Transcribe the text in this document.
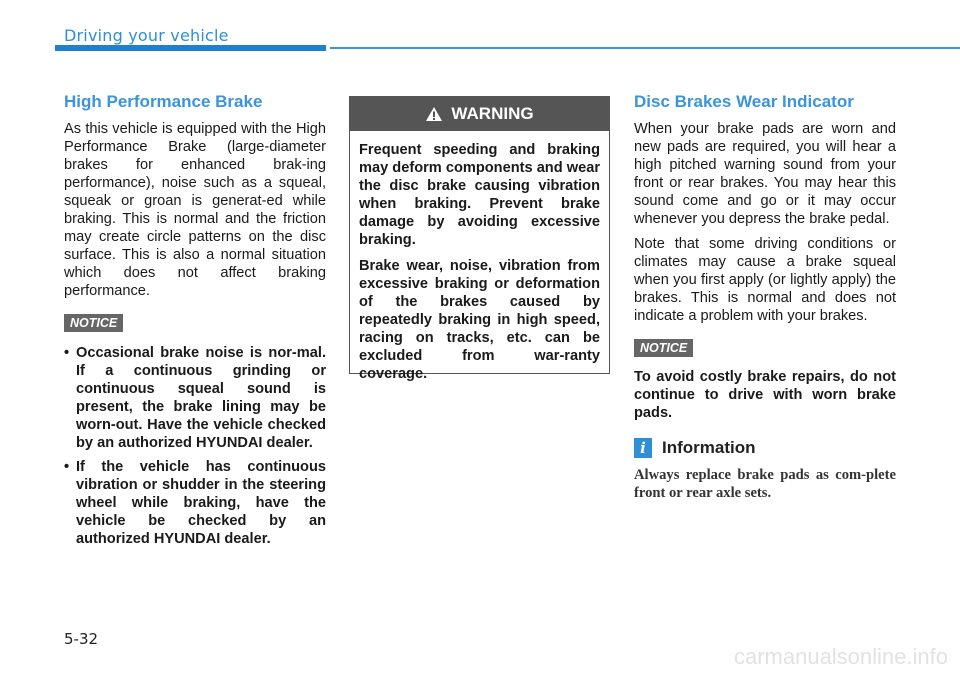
Driving your vehicle
High Performance Brake

As this vehicle is equipped with the High Performance Brake (large-diameter brakes for enhanced brak-ing performance), noise such as a squeal, squeak or groan is generat-ed while braking. This is normal and the friction may create circle patterns on the disc surface. This is also a normal situation which does not affect braking performance.

NOTICE
• Occasional brake noise is nor-mal. If a continuous grinding or continuous squeal sound is present, the brake lining may be worn-out. Have the vehicle checked by an authorized HYUNDAI dealer.
• If the vehicle has continuous vibration or shudder in the steering wheel while braking, have the vehicle be checked by an authorized HYUNDAI dealer.
WARNING

Frequent speeding and braking may deform components and wear the disc brake causing vibration when braking. Prevent brake damage by avoiding excessive braking.

Brake wear, noise, vibration from excessive braking or deformation of the brakes caused by repeatedly braking in high speed, racing on tracks, etc. can be excluded from war-ranty coverage.

Disc Brakes Wear Indicator

When your brake pads are worn and new pads are required, you will hear a high pitched warning sound from your front or rear brakes. You may hear this sound come and go or it may occur whenever you depress the brake pedal.

Note that some driving conditions or climates may cause a brake squeal when you first apply (or lightly apply) the brakes. This is normal and does not indicate a problem with your brakes.

NOTICE

To avoid costly brake repairs, do not continue to drive with worn brake pads.

i Information

Always replace brake pads as com-plete front or rear axle sets.

5-32
carmanualsonline.info
